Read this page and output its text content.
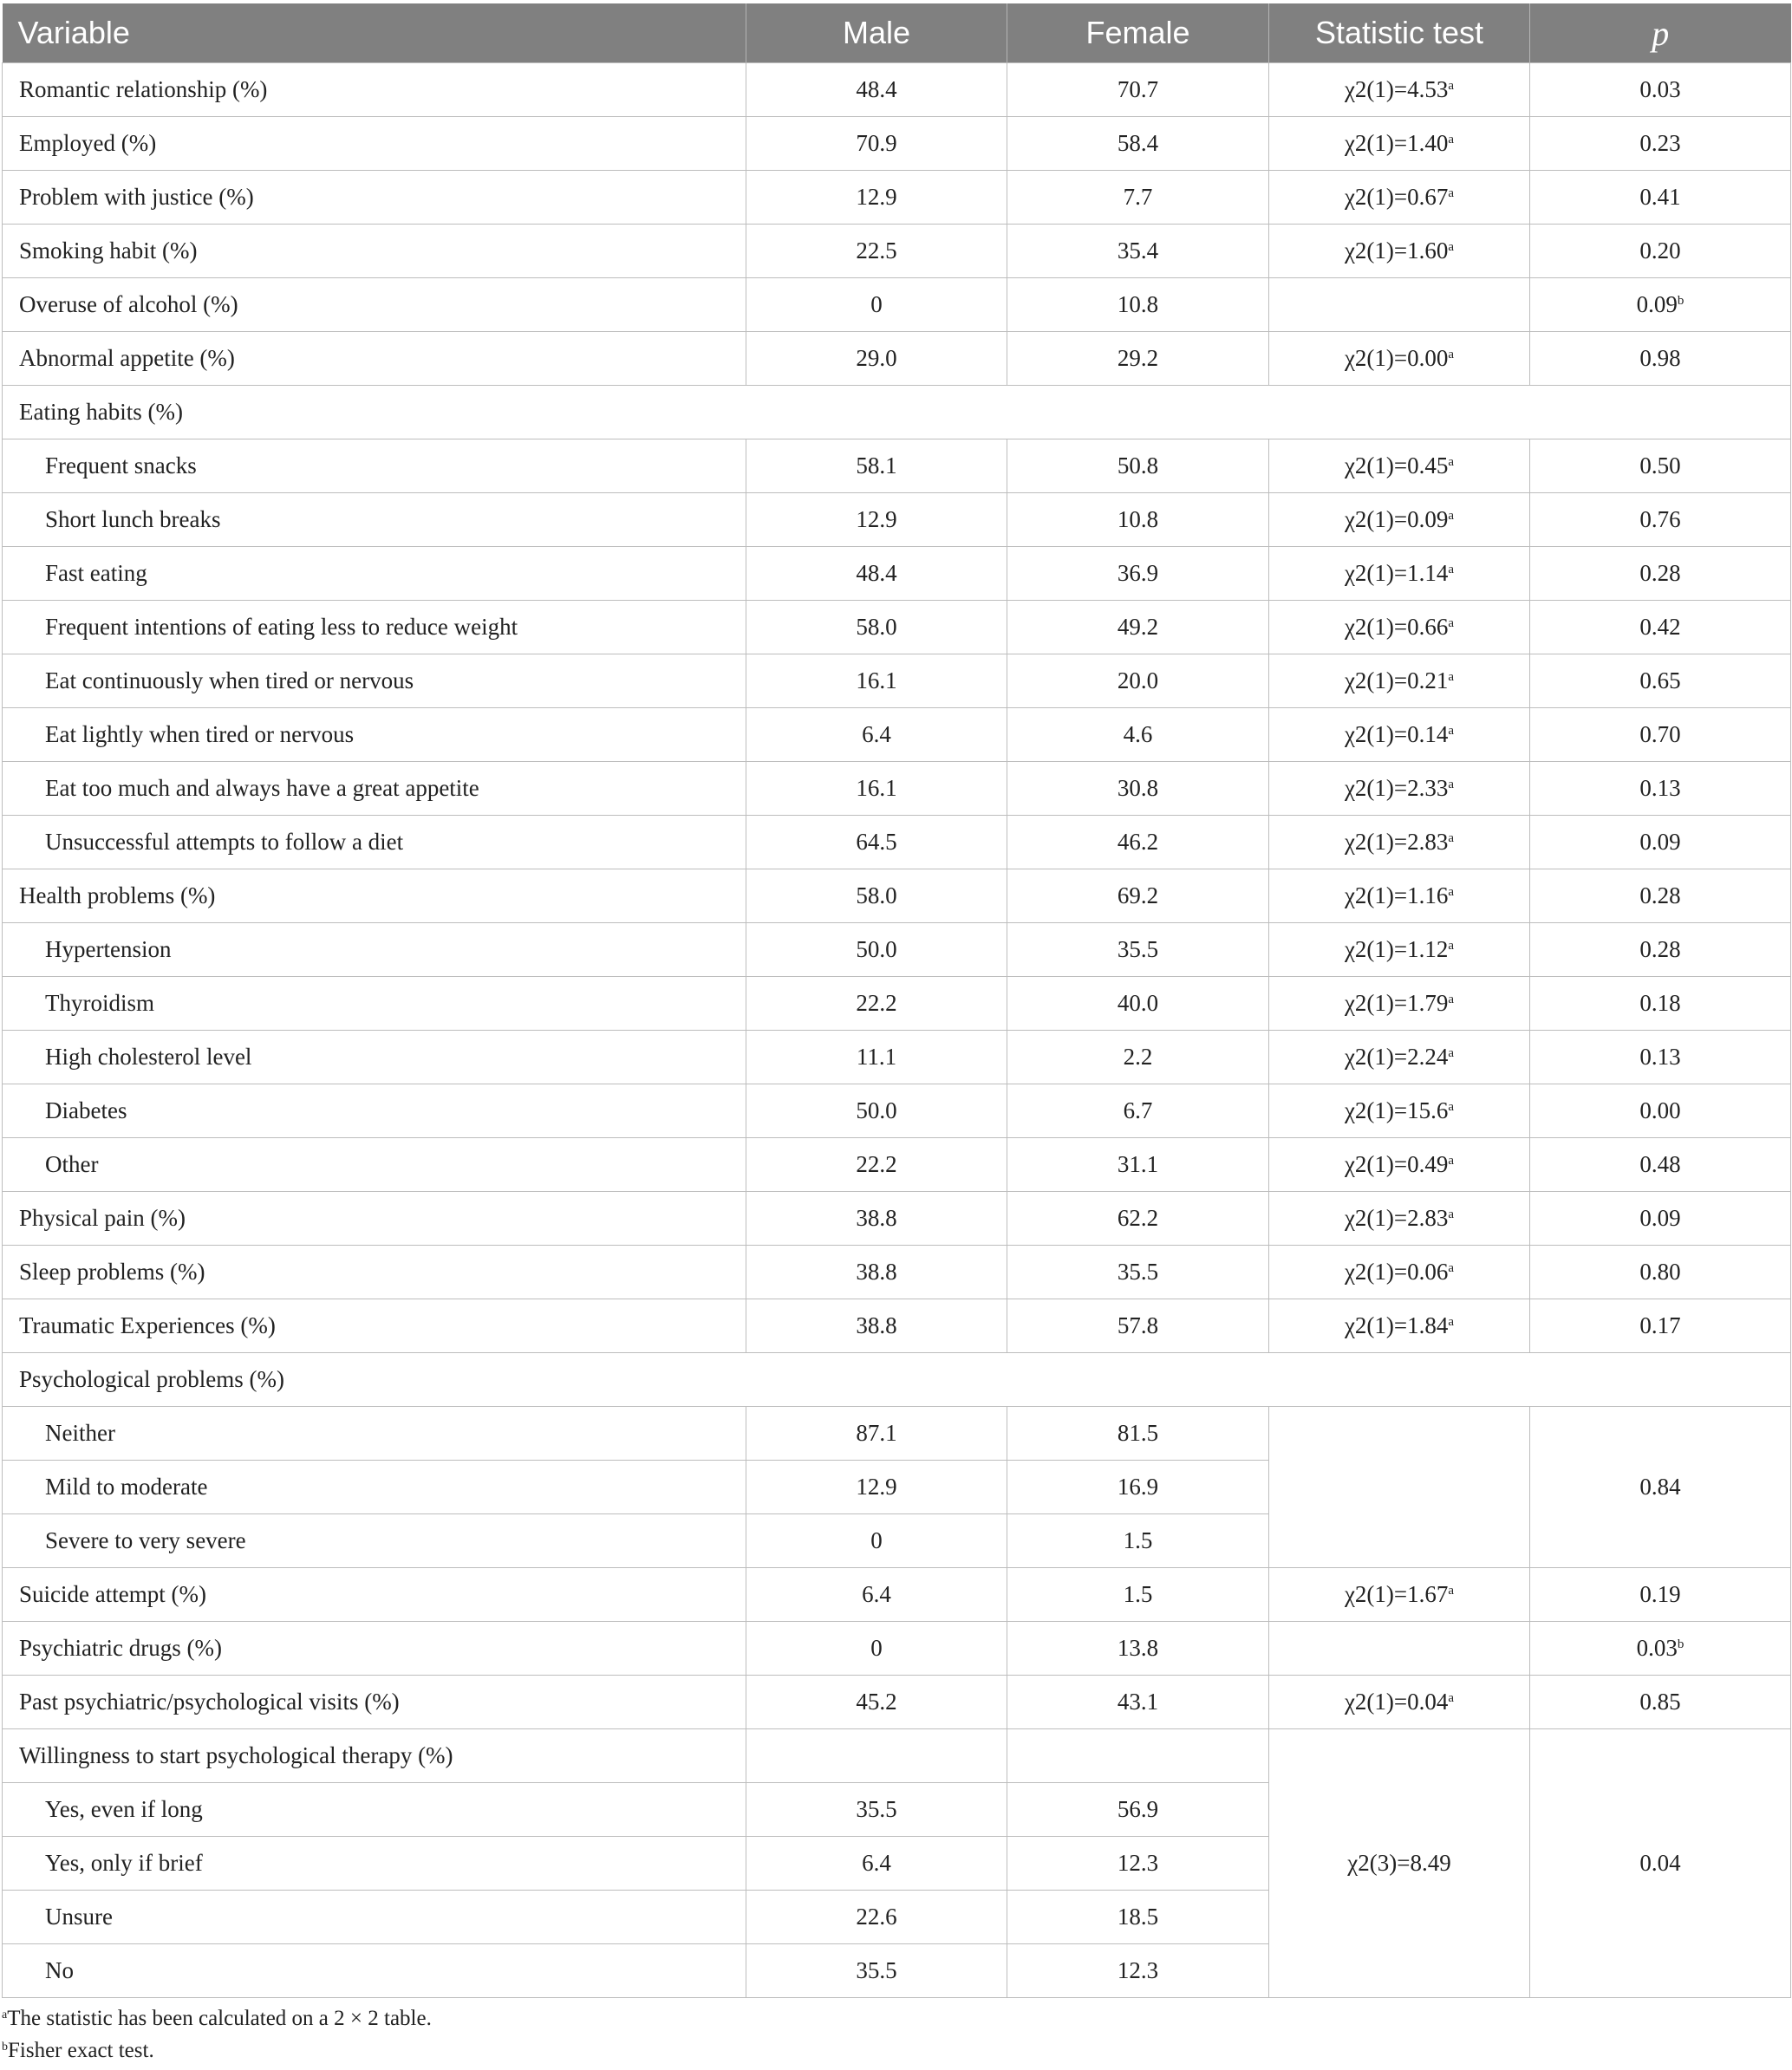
Variable	Male	Female	Statistic test	p
Romantic relationship (%)	48.4	70.7	χ2(1)=4.53$^a$	0.03
Employed (%)	70.9	58.4	χ2(1)=1.40$^a$	0.23
Problem with justice (%)	12.9	7.7	χ2(1)=0.67$^a$	0.41
Smoking habit (%)	22.5	35.4	χ2(1)=1.60$^a$	0.20
Overuse of alcohol (%)	0	10.8		0.09$^b$
Abnormal appetite (%)	29.0	29.2	χ2(1)=0.00$^a$	0.98
Eating habits (%)				
Frequent snacks	58.1	50.8	χ2(1)=0.45$^a$	0.50
Short lunch breaks	12.9	10.8	χ2(1)=0.09$^a$	0.76
Fast eating	48.4	36.9	χ2(1)=1.14$^a$	0.28
Frequent intentions of eating less to reduce weight	58.0	49.2	χ2(1)=0.66$^a$	0.42
Eat continuously when tired or nervous	16.1	20.0	χ2(1)=0.21$^a$	0.65
Eat lightly when tired or nervous	6.4	4.6	χ2(1)=0.14$^a$	0.70
Eat too much and always have a great appetite	16.1	30.8	χ2(1)=2.33$^a$	0.13
Unsuccessful attempts to follow a diet	64.5	46.2	χ2(1)=2.83$^a$	0.09
Health problems (%)	58.0	69.2	χ2(1)=1.16$^a$	0.28
Hypertension	50.0	35.5	χ2(1)=1.12$^a$	0.28
Thyroidism	22.2	40.0	χ2(1)=1.79$^a$	0.18
High cholesterol level	11.1	2.2	χ2(1)=2.24$^a$	0.13
Diabetes	50.0	6.7	χ2(1)=15.6$^a$	0.00
Other	22.2	31.1	χ2(1)=0.49$^a$	0.48
Physical pain (%)	38.8	62.2	χ2(1)=2.83$^a$	0.09
Sleep problems (%)	38.8	35.5	χ2(1)=0.06$^a$	0.80
Traumatic Experiences (%)	38.8	57.8	χ2(1)=1.84$^a$	0.17
Psychological problems (%)				
Neither	87.1	81.5		0.84
Mild to moderate	12.9	16.9		
Severe to very severe	0	1.5		
Suicide attempt (%)	6.4	1.5	χ2(1)=1.67$^a$	0.19
Psychiatric drugs (%)	0	13.8		0.03$^b$
Past psychiatric/psychological visits (%)	45.2	43.1	χ2(1)=0.04$^a$	0.85
Willingness to start psychological therapy (%)			χ2(3)=8.49	0.04
Yes, even if long	35.5	56.9		
Yes, only if brief	6.4	12.3		
Unsure	22.6	18.5		
No	35.5	12.3		
$^a$The statistic has been calculated on a 2 × 2 table.
$^b$Fisher exact test.
